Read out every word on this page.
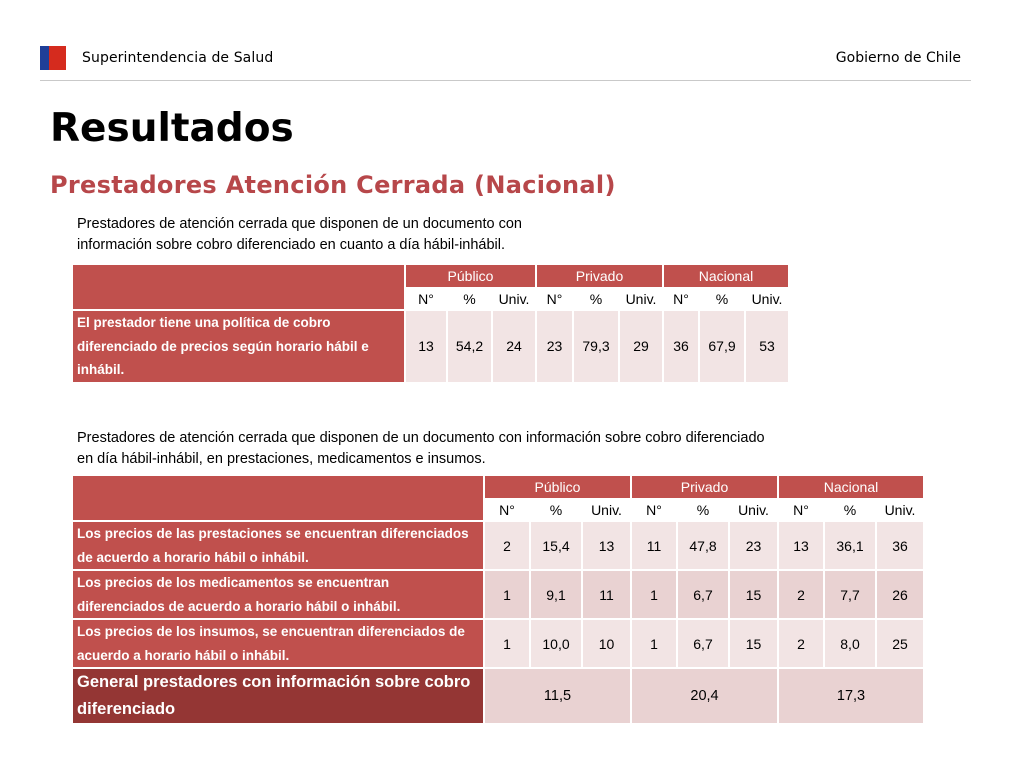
Superintendencia de Salud	Gobierno de Chile
Resultados
Prestadores Atención Cerrada (Nacional)

Prestadores de atención cerrada que disponen de un documento con información sobre cobro diferenciado en cuanto a día hábil-inhábil.

	Público			Privado			Nacional		
	N°	%	Univ.	N°	%	Univ.	N°	%	Univ.
El prestador tiene una política de cobro diferenciado de precios según horario hábil e inhábil.	13	54,2	24	23	79,3	29	36	67,9	53

Prestadores de atención cerrada que disponen de un documento con información sobre cobro diferenciado en día hábil-inhábil, en prestaciones, medicamentos e insumos.

	Público			Privado			Nacional		
	N°	%	Univ.	N°	%	Univ.	N°	%	Univ.
Los precios de las prestaciones se encuentran diferenciados de acuerdo a horario hábil o inhábil.	2	15,4	13	11	47,8	23	13	36,1	36
Los precios de los medicamentos se encuentran diferenciados de acuerdo a horario hábil o inhábil.	1	9,1	11	1	6,7	15	2	7,7	26
Los precios de los insumos, se encuentran diferenciados de acuerdo a horario hábil o inhábil.	1	10,0	10	1	6,7	15	2	8,0	25
General prestadores con información sobre cobro diferenciado	11,5			20,4			17,3		
